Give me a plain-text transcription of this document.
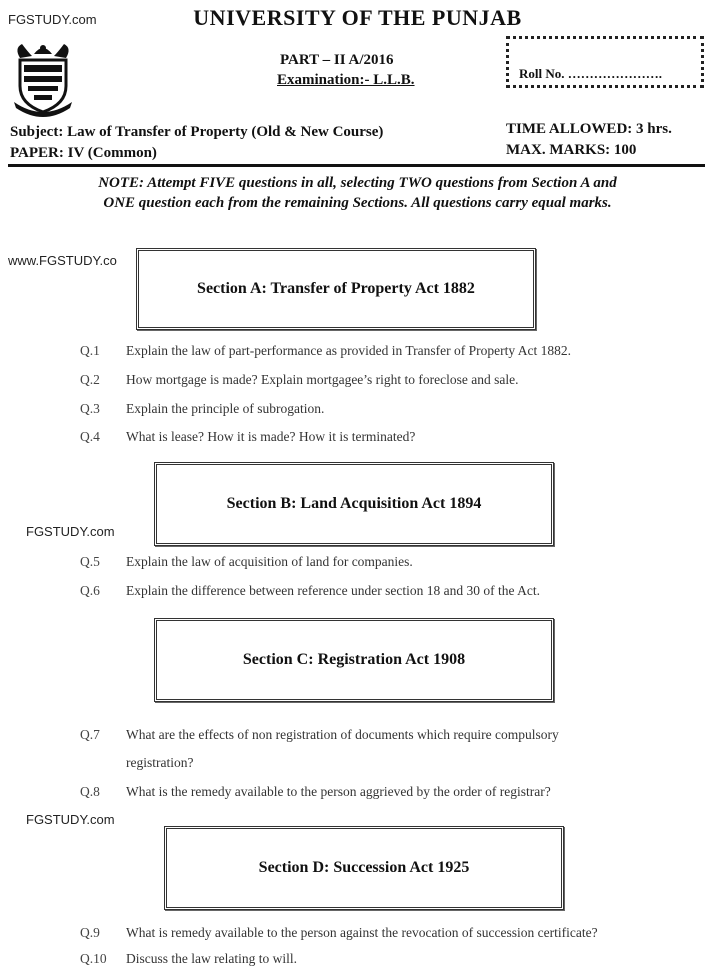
FGSTUDY.com
www.FGSTUDY.co
FGSTUDY.com
FGSTUDY.com
UNIVERSITY OF THE PUNJAB
PART – II A/2016
Examination:- L.L.B.	Roll No. ………………….
Subject: Law of Transfer of Property (Old & New Course)
PAPER: IV (Common)
TIME ALLOWED: 3 hrs.
MAX. MARKS: 100
NOTE: Attempt FIVE questions in all, selecting TWO questions from Section A and
ONE question each from the remaining Sections. All questions carry equal marks.
Section A: Transfer of Property Act 1882
Q.1 Explain the law of part-performance as provided in Transfer of Property Act 1882.
Q.2 How mortgage is made? Explain mortgagee’s right to foreclose and sale.
Q.3 Explain the principle of subrogation.
Q.4 What is lease? How it is made? How it is terminated?
Section B: Land Acquisition Act 1894
Q.5 Explain the law of acquisition of land for companies.
Q.6 Explain the difference between reference under section 18 and 30 of the Act.
Section C: Registration Act 1908
Q.7 What are the effects of non registration of documents which require compulsory
registration?
Q.8 What is the remedy available to the person aggrieved by the order of registrar?
Section D: Succession Act 1925
Q.9 What is remedy available to the person against the revocation of succession certificate?
Q.10 Discuss the law relating to will.
